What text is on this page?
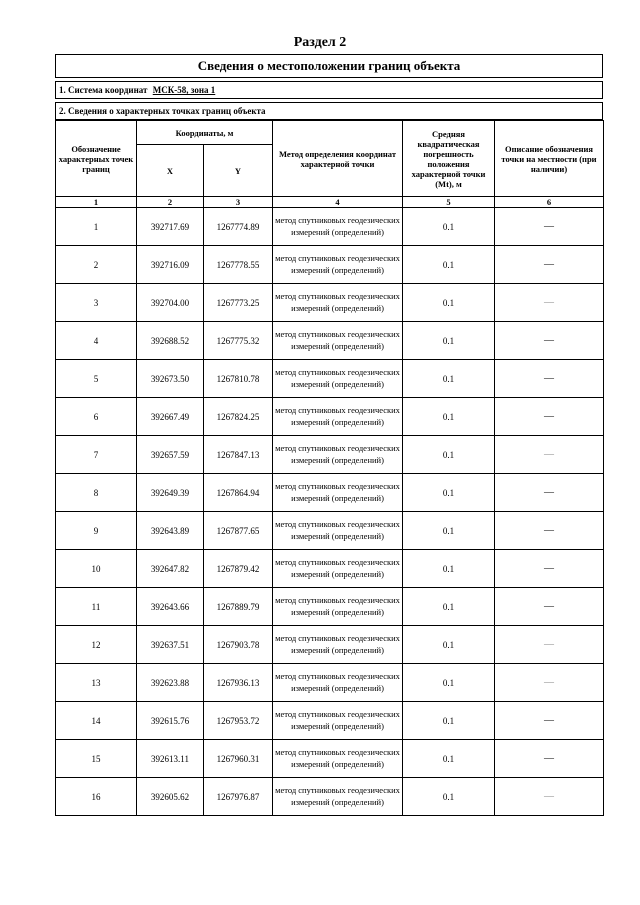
Раздел 2
Сведения о местоположении границ объекта
1. Система координат МСК-58, зона 1
2. Сведения о характерных точках границ объекта
Обозначение характерных точек границ	Координаты, м		Метод определения координат характерной точки	Средняя квадратическая погрешность положения характерной точки (Mt), м	Описание обозначения точки на местности (при наличии)
	X	Y			
1	2	3	4	5	6
1	392717.69	1267774.89	метод спутниковых геодезических измерений (определений)	0.1	—
2	392716.09	1267778.55	метод спутниковых геодезических измерений (определений)	0.1	—
3	392704.00	1267773.25	метод спутниковых геодезических измерений (определений)	0.1	—
4	392688.52	1267775.32	метод спутниковых геодезических измерений (определений)	0.1	—
5	392673.50	1267810.78	метод спутниковых геодезических измерений (определений)	0.1	—
6	392667.49	1267824.25	метод спутниковых геодезических измерений (определений)	0.1	—
7	392657.59	1267847.13	метод спутниковых геодезических измерений (определений)	0.1	—
8	392649.39	1267864.94	метод спутниковых геодезических измерений (определений)	0.1	—
9	392643.89	1267877.65	метод спутниковых геодезических измерений (определений)	0.1	—
10	392647.82	1267879.42	метод спутниковых геодезических измерений (определений)	0.1	—
11	392643.66	1267889.79	метод спутниковых геодезических измерений (определений)	0.1	—
12	392637.51	1267903.78	метод спутниковых геодезических измерений (определений)	0.1	—
13	392623.88	1267936.13	метод спутниковых геодезических измерений (определений)	0.1	—
14	392615.76	1267953.72	метод спутниковых геодезических измерений (определений)	0.1	—
15	392613.11	1267960.31	метод спутниковых геодезических измерений (определений)	0.1	—
16	392605.62	1267976.87	метод спутниковых геодезических измерений (определений)	0.1	—
